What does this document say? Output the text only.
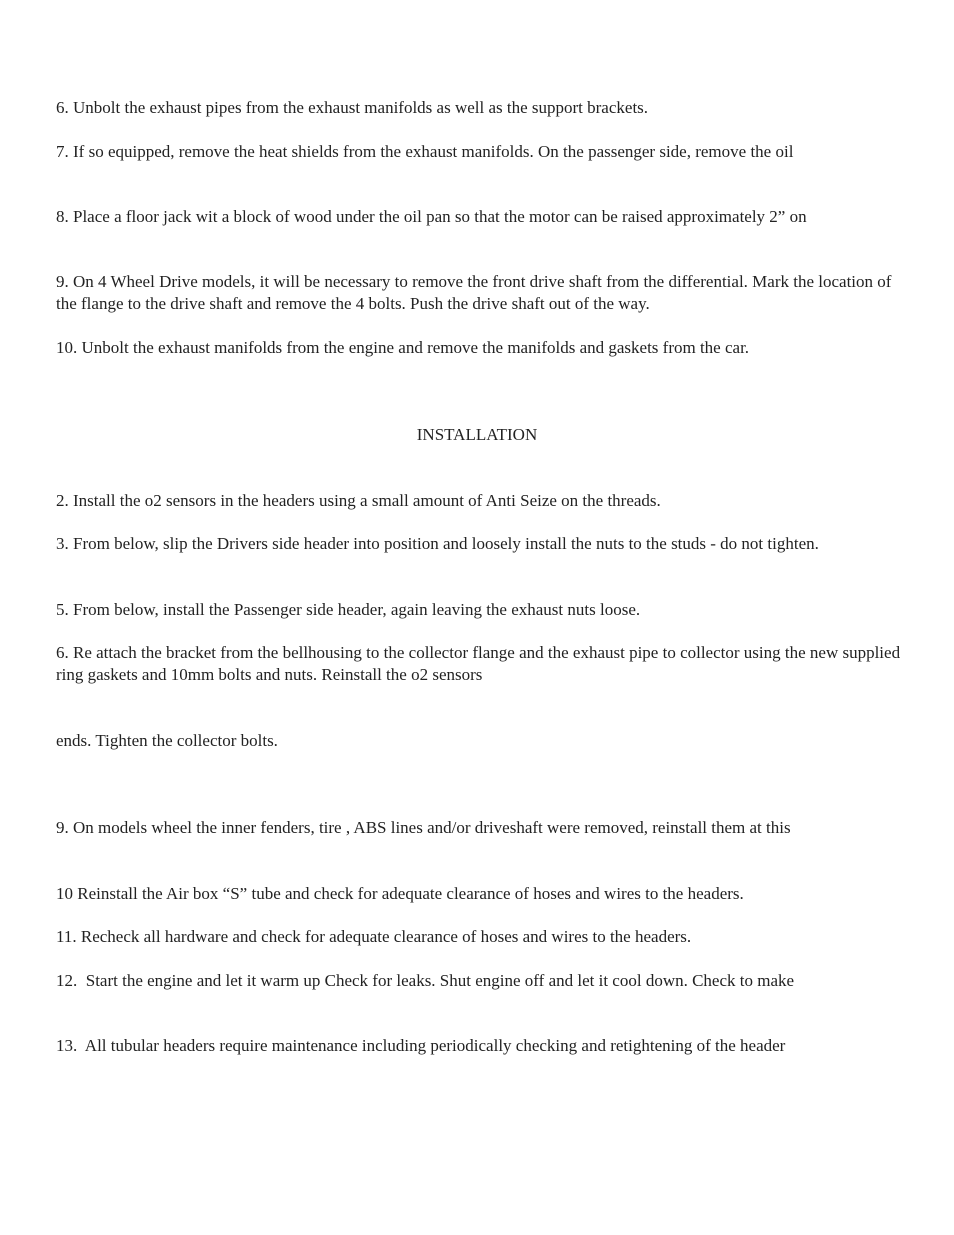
6. Unbolt the exhaust pipes from the exhaust manifolds as well as the support brackets.

7. If so equipped, remove the heat shields from the exhaust manifolds. On the passenger side, remove the oil

8. Place a floor jack wit a block of wood under the oil pan so that the motor can be raised approximately 2” on

9. On 4 Wheel Drive models, it will be necessary to remove the front drive shaft from the differential. Mark the location of the flange to the drive shaft and remove the 4 bolts. Push the drive shaft out of the way.

10. Unbolt the exhaust manifolds from the engine and remove the manifolds and gaskets from the car.

INSTALLATION

2. Install the o2 sensors in the headers using a small amount of Anti Seize on the threads.

3. From below, slip the Drivers side header into position and loosely install the nuts to the studs - do not tighten.

5. From below, install the Passenger side header, again leaving the exhaust nuts loose.

6. Re attach the bracket from the bellhousing to the collector flange and the exhaust pipe to collector using the new supplied ring gaskets and 10mm bolts and nuts. Reinstall the o2 sensors

ends. Tighten the collector bolts.

9. On models wheel the inner fenders, tire , ABS lines and/or driveshaft were removed, reinstall them at this

10 Reinstall the Air box “S” tube and check for adequate clearance of hoses and wires to the headers.

11. Recheck all hardware and check for adequate clearance of hoses and wires to the headers.

12.  Start the engine and let it warm up Check for leaks. Shut engine off and let it cool down. Check to make

13.  All tubular headers require maintenance including periodically checking and retightening of the header
